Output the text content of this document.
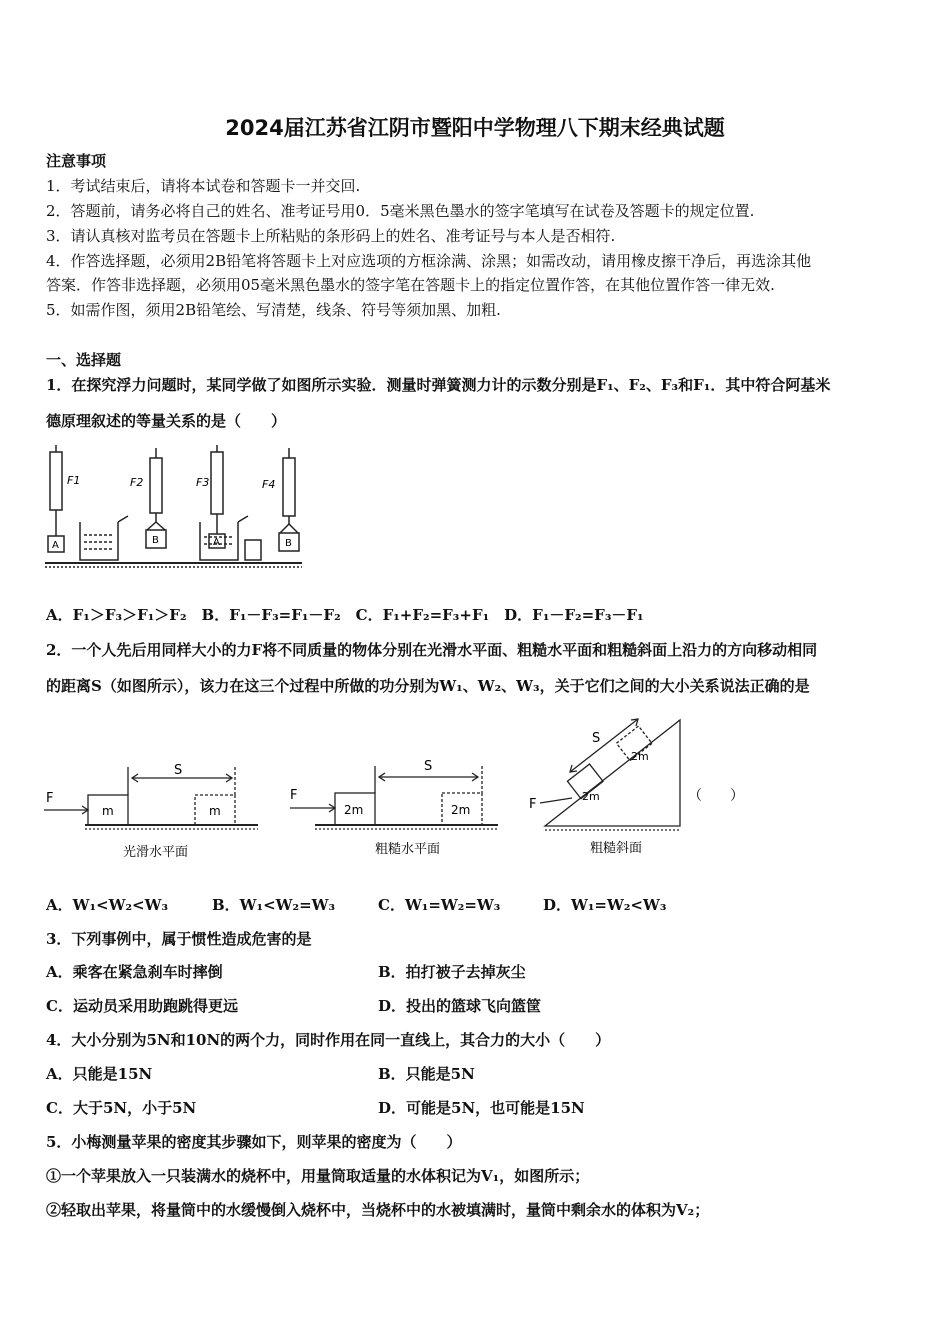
2024届江苏省江阴市暨阳中学物理八下期末经典试题
注意事项
1．考试结束后，请将本试卷和答题卡一并交回.
2．答题前，请务必将自己的姓名、准考证号用0．5毫米黑色墨水的签字笔填写在试卷及答题卡的规定位置.
3．请认真核对监考员在答题卡上所粘贴的条形码上的姓名、准考证号与本人是否相符.
4．作答选择题，必须用2B铅笔将答题卡上对应选项的方框涂满、涂黑；如需改动，请用橡皮擦干净后，再选涂其他
答案．作答非选择题，必须用05毫米黑色墨水的签字笔在答题卡上的指定位置作答，在其他位置作答一律无效.
5．如需作图，须用2B铅笔绘、写清楚，线条、符号等须加黑、加粗.
一、选择题
1．在探究浮力问题时，某同学做了如图所示实验．测量时弹簧测力计的示数分别是F₁、F₂、F₃和F₁．其中符合阿基米
德原理叙述的等量关系的是（　　）
F1	F2	F3	F4
A	B	A	B
A．F₁＞F₃＞F₁＞F₂　B．F₁－F₃=F₁－F₂　C．F₁+F₂=F₃+F₁　D．F₁－F₂=F₃－F₁
2．一个人先后用同样大小的力F将不同质量的物体分别在光滑水平面、粗糙水平面和粗糙斜面上沿力的方向移动相同
的距离S（如图所示），该力在这三个过程中所做的功分别为W₁、W₂、W₃，关于它们之间的大小关系说法正确的是
F
S
m	m
光滑水平面
F
S
2m	2m
粗糙水平面
F
S
2m
2m
粗糙斜面
（　　）
A．W₁<W₂<W₃	B．W₁<W₂=W₃	C．W₁=W₂=W₃	D．W₁=W₂<W₃
3．下列事例中，属于惯性造成危害的是
A．乘客在紧急刹车时摔倒	B．拍打被子去掉灰尘
C．运动员采用助跑跳得更远	D．投出的篮球飞向篮筐
4．大小分别为5N和10N的两个力，同时作用在同一直线上，其合力的大小（　　）
A．只能是15N	B．只能是5N
C．大于5N，小于5N	D．可能是5N，也可能是15N
5．小梅测量苹果的密度其步骤如下，则苹果的密度为（　　）
①一个苹果放入一只装满水的烧杯中，用量筒取适量的水体积记为V₁，如图所示；
②轻取出苹果，将量筒中的水缓慢倒入烧杯中，当烧杯中的水被填满时，量筒中剩余水的体积为V₂；
